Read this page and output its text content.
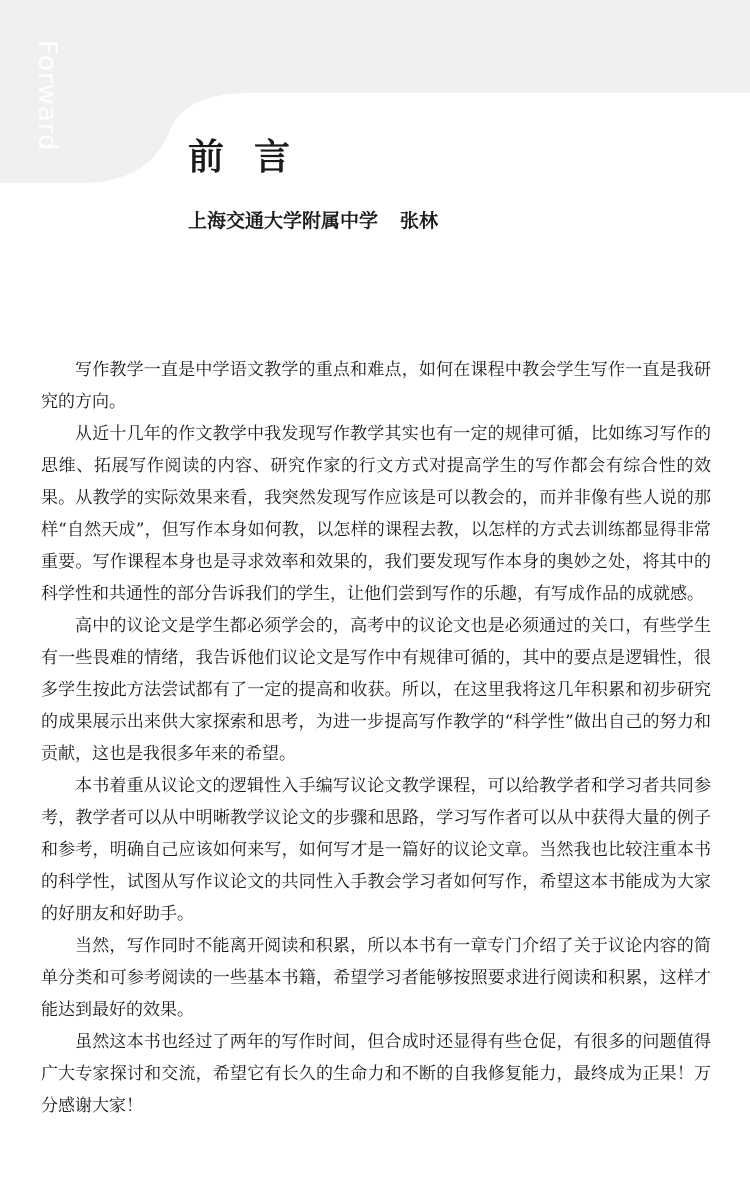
Forward
前言
上海交通大学附属中学 张林

写作教学一直是中学语文教学的重点和难点，如何在课程中教会学生写作一直是我研究的方向。

从近十几年的作文教学中我发现写作教学其实也有一定的规律可循，比如练习写作的思维、拓展写作阅读的内容、研究作家的行文方式对提高学生的写作都会有综合性的效果。从教学的实际效果来看，我突然发现写作应该是可以教会的，而并非像有些人说的那样“自然天成”，但写作本身如何教，以怎样的课程去教，以怎样的方式去训练都显得非常重要。写作课程本身也是寻求效率和效果的，我们要发现写作本身的奥妙之处，将其中的科学性和共通性的部分告诉我们的学生，让他们尝到写作的乐趣，有写成作品的成就感。

高中的议论文是学生都必须学会的，高考中的议论文也是必须通过的关口，有些学生有一些畏难的情绪，我告诉他们议论文是写作中有规律可循的，其中的要点是逻辑性，很多学生按此方法尝试都有了一定的提高和收获。所以，在这里我将这几年积累和初步研究的成果展示出来供大家探索和思考，为进一步提高写作教学的“科学性”做出自己的努力和贡献，这也是我很多年来的希望。

本书着重从议论文的逻辑性入手编写议论文教学课程，可以给教学者和学习者共同参考，教学者可以从中明晰教学议论文的步骤和思路，学习写作者可以从中获得大量的例子和参考，明确自己应该如何来写，如何写才是一篇好的议论文章。当然我也比较注重本书的科学性，试图从写作议论文的共同性入手教会学习者如何写作，希望这本书能成为大家的好朋友和好助手。

当然，写作同时不能离开阅读和积累，所以本书有一章专门介绍了关于议论内容的简单分类和可参考阅读的一些基本书籍，希望学习者能够按照要求进行阅读和积累，这样才能达到最好的效果。

虽然这本书也经过了两年的写作时间，但合成时还显得有些仓促，有很多的问题值得广大专家探讨和交流，希望它有长久的生命力和不断的自我修复能力，最终成为正果！万分感谢大家！
